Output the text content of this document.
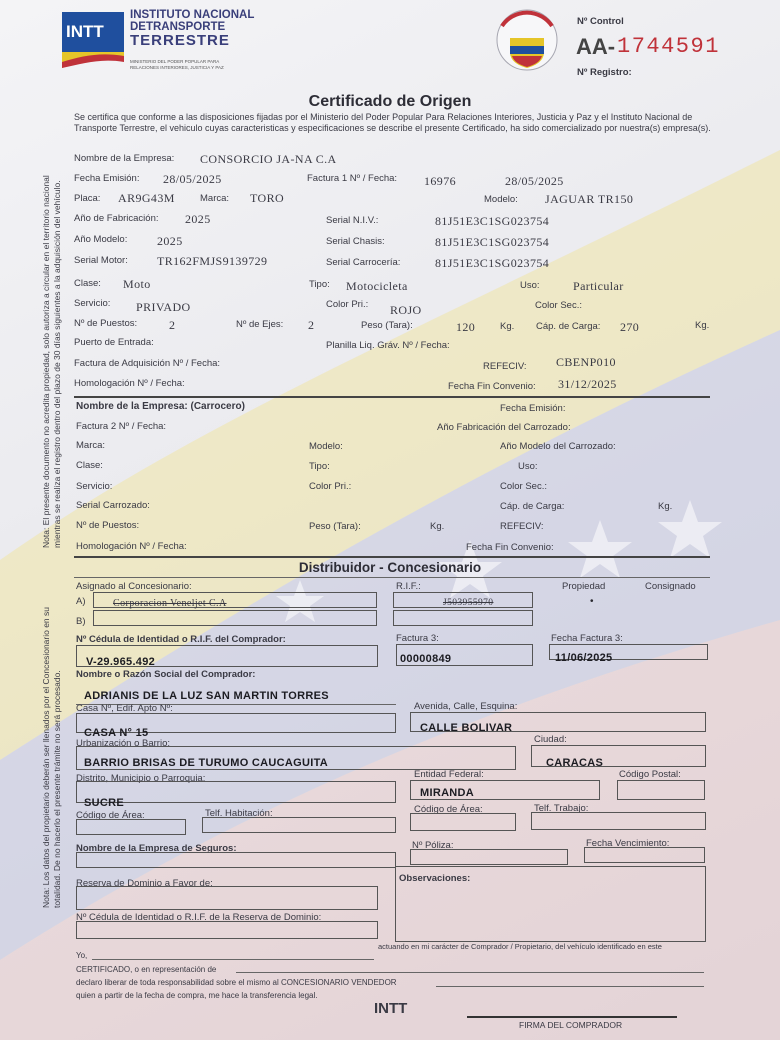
Nota: El presente documento no acredita propiedad, solo autoriza a circular en el territorio nacional mientras se realiza el registro dentro del plazo de 30 días siguientes a la adquisición del vehículo.
Nota: Los datos del propietario deberán ser llenados por el Concesionario en su totalidad. De no hacerlo el presente trámite no será procesado.
INTT
INSTITUTO NACIONAL
DETRANSPORTE
TERRESTRE
MINISTERIO DEL PODER POPULAR PARA
RELACIONES INTERIORES, JUSTICIA Y PAZ
Nº Control
AA- 1744591
Nº Registro:
Certificado de Origen
Se certifica que conforme a las disposiciones fijadas por el Ministerio del Poder Popular Para Relaciones Interiores, Justicia y Paz y el Instituto Nacional de Transporte Terrestre, el vehiculo cuyas caracteristicas y especificaciones se describe el presente Certificado, ha sido comercializado por nuestra(s) empresa(s).
Nombre de la Empresa: CONSORCIO JA-NA C.A
Fecha Emisión: 28/05/2025	Factura 1 Nº / Fecha: 16976	28/05/2025
Placa: AR9G43M	Marca: TORO	Modelo: JAGUAR TR150
Año de Fabricación: 2025	Serial N.I.V.:	81J51E3C1SG023754
Año Modelo: 2025	Serial Chasis:	81J51E3C1SG023754
Serial Motor: TR162FMJS9139729	Serial Carrocería:	81J51E3C1SG023754
Clase: Moto	Tipo: Motocicleta	Uso:	Particular
Servicio: PRIVADO	Color Pri.: ROJO	Color Sec.:
Nº de Puestos:	2	Nº de Ejes: 2	Peso (Tara):	120	Kg. Cáp. de Carga: 270	Kg.
Puerto de Entrada:	Planilla Liq. Gráv. Nº / Fecha:
Factura de Adquisición Nº / Fecha:	REFECIV: CBENP010
Homologación Nº / Fecha:	Fecha Fin Convenio: 31/12/2025
Nombre de la Empresa: (Carrocero)	Fecha Emisión:
Factura 2 Nº / Fecha:	Año Fabricación del Carrozado:
Marca:	Modelo:	Año Modelo del Carrozado:
Clase:	Tipo:	Uso:
Servicio:	Color Pri.:	Color Sec.:
Serial Carrozado:	Cáp. de Carga:	Kg.
Nº de Puestos:	Peso (Tara):	Kg.	REFECIV:
Homologación Nº / Fecha:	Fecha Fin Convenio:
Distribuidor - Concesionario
Asignado al Concesionario:	R.I.F.:	Propiedad	Consignado
A)	Corporacion Veneljet C.A	J503955970	•
B)
Nº Cédula de Identidad o R.I.F. del Comprador:
V-29.965.492
Factura 3:
00000849
Fecha Factura 3:
11/06/2025
Nombre o Razón Social del Comprador:
ADRIANIS DE LA LUZ SAN MARTIN TORRES
Casa Nº, Edif. Apto Nº:
CASA N° 15
Avenida, Calle, Esquina:
CALLE BOLIVAR
Urbanización o Barrio:
BARRIO BRISAS DE TURUMO CAUCAGUITA
Ciudad:
CARACAS
Distrito, Municipio o Parroquia:
SUCRE
Entidad Federal:
MIRANDA
Código Postal:
Código de Área:	Telf. Habitación:	Código de Área:	Telf. Trabajo:
Nombre de la Empresa de Seguros:	Nº Póliza:	Fecha Vencimiento:
Reserva de Dominio a Favor de:	Observaciones:
Nº Cédula de Identidad o R.I.F. de la Reserva de Dominio:
Yo,
actuando en mi carácter de Comprador / Propietario, del vehículo identificado en este
CERTIFICADO, o en representación de
declaro liberar de toda responsabilidad sobre el mismo al CONCESIONARIO VENDEDOR
quien a partir de la fecha de compra, me hace la transferencia legal.
INTT
FIRMA DEL COMPRADOR
